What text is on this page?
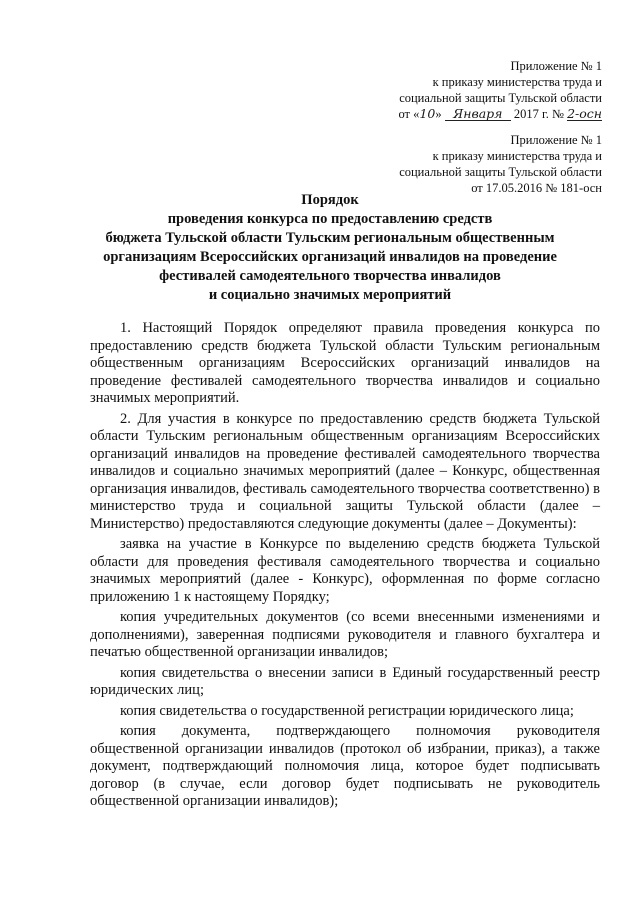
Приложение № 1
к приказу министерства труда и
социальной защиты Тульской области
от «10» Января 2017 г. № 2-осн
Приложение № 1
к приказу министерства труда и
социальной защиты Тульской области
от 17.05.2016 № 181-осн
Порядок
проведения конкурса по предоставлению средств
бюджета Тульской области Тульским региональным общественным
организациям Всероссийских организаций инвалидов на проведение
фестивалей самодеятельного творчества инвалидов
и социально значимых мероприятий

1. Настоящий Порядок определяют правила проведения конкурса по предоставлению средств бюджета Тульской области Тульским региональным общественным организациям Всероссийских организаций инвалидов на проведение фестивалей самодеятельного творчества инвалидов и социально значимых мероприятий.

2. Для участия в конкурсе по предоставлению средств бюджета Тульской области Тульским региональным общественным организациям Всероссийских организаций инвалидов на проведение фестивалей самодеятельного творчества инвалидов и социально значимых мероприятий (далее – Конкурс, общественная организация инвалидов, фестиваль самодеятельного творчества соответственно) в министерство труда и социальной защиты Тульской области (далее – Министерство) предоставляются следующие документы (далее – Документы):

заявка на участие в Конкурсе по выделению средств бюджета Тульской области для проведения фестиваля самодеятельного творчества и социально значимых мероприятий (далее - Конкурс), оформленная по форме согласно приложению 1 к настоящему Порядку;

копия учредительных документов (со всеми внесенными изменениями и дополнениями), заверенная подписями руководителя и главного бухгалтера и печатью общественной организации инвалидов;

копия свидетельства о внесении записи в Единый государственный реестр юридических лиц;

копия свидетельства о государственной регистрации юридического лица;

копия документа, подтверждающего полномочия руководителя общественной организации инвалидов (протокол об избрании, приказ), а также документ, подтверждающий полномочия лица, которое будет подписывать договор (в случае, если договор будет подписывать не руководитель общественной организации инвалидов);
